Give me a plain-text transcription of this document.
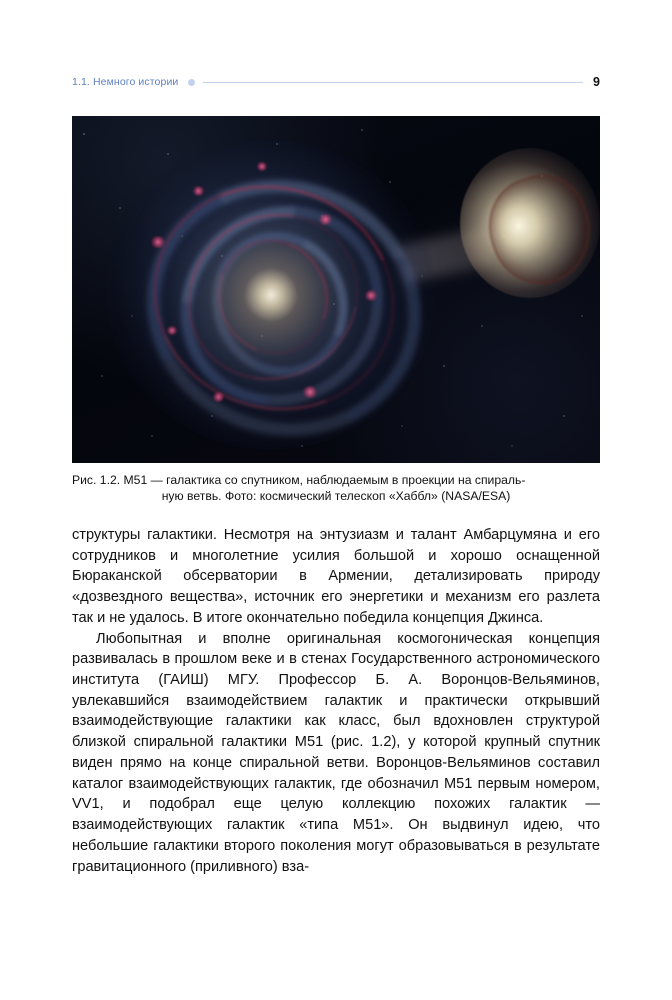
1.1. Немного истории	9
Рис. 1.2. M51 — галактика со спутником, наблюдаемым в проекции на спираль-
ную ветвь. Фото: космический телескоп «Хаббл» (NASA/ESA)

структуры галактики. Несмотря на энтузиазм и талант Амбарцумяна и его сотрудников и многолетние усилия большой и хорошо оснащенной Бюраканской обсерватории в Армении, детализировать природу «дозвездного вещества», источник его энергетики и механизм его разлета так и не удалось. В итоге окончательно победила концепция Джинса.

Любопытная и вполне оригинальная космогоническая концепция развивалась в прошлом веке и в стенах Государственного астрономического института (ГАИШ) МГУ. Профессор Б. А. Воронцов-Вельяминов, увлекавшийся взаимодействием галактик и практически открывший взаимодействующие галактики как класс, был вдохновлен структурой близкой спиральной галактики M51 (рис. 1.2), у которой крупный спутник виден прямо на конце спиральной ветви. Воронцов-Вельяминов составил каталог взаимодействующих галактик, где обозначил M51 первым номером, VV1, и подобрал еще целую коллекцию похожих галактик — взаимодействующих галактик «типа M51». Он выдвинул идею, что небольшие галактики второго поколения могут образовываться в результате гравитационного (приливного) вза-
